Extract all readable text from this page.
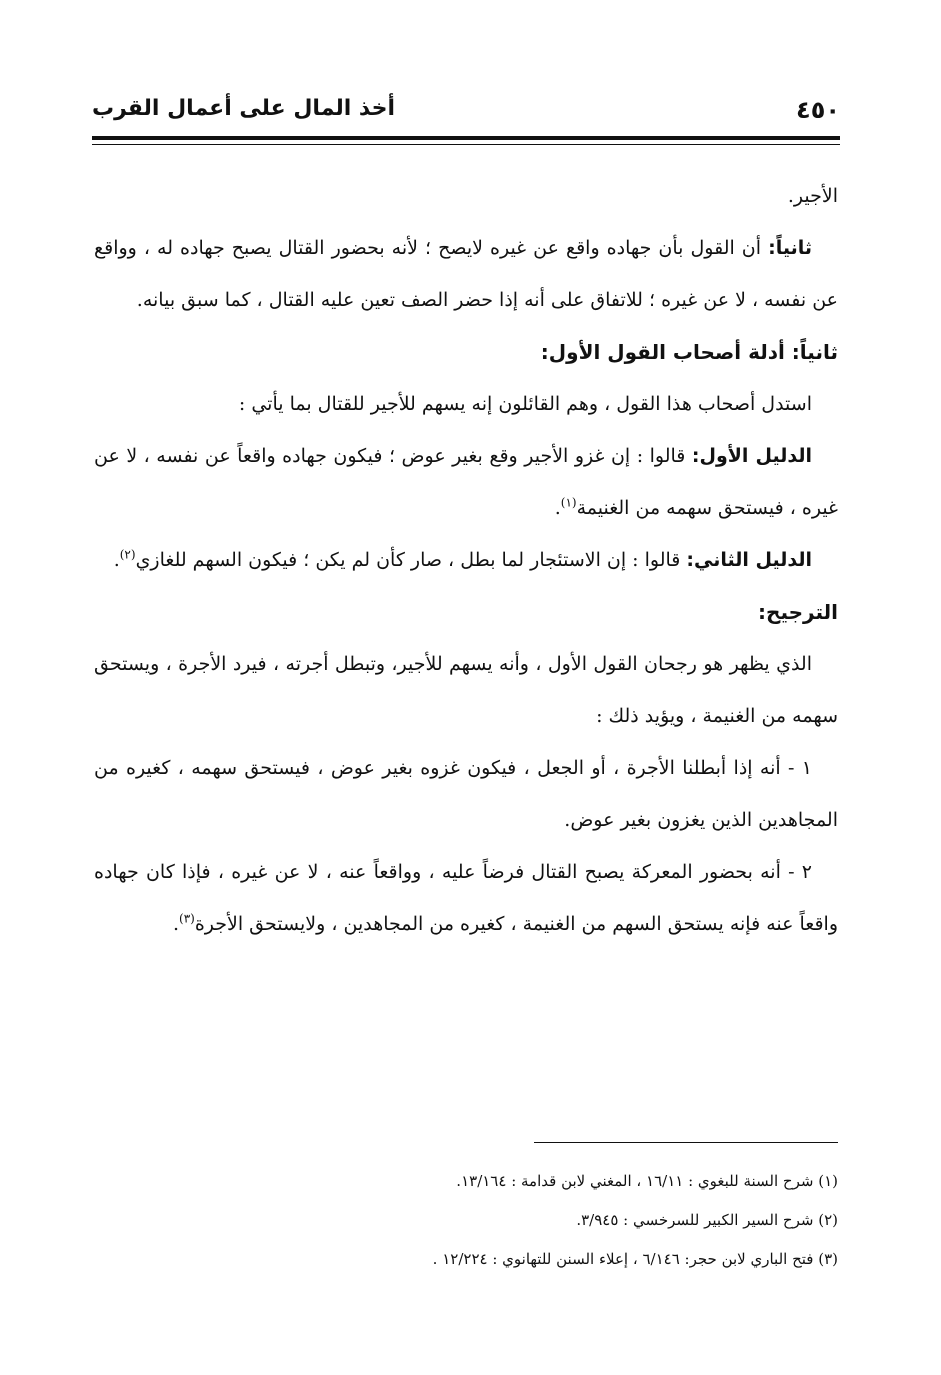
٤٥٠
أخذ المال على أعمال القرب

الأجير.

ثانياً: أن القول بأن جهاده واقع عن غيره لايصح ؛ لأنه بحضور القتال يصبح جهاده له ، وواقع عن نفسه ، لا عن غيره ؛ للاتفاق على أنه إذا حضر الصف تعين عليه القتال ، كما سبق بيانه.

ثانياً: أدلة أصحاب القول الأول:

استدل أصحاب هذا القول ، وهم القائلون إنه يسهم للأجير للقتال بما يأتي :

الدليل الأول: قالوا : إن غزو الأجير وقع بغير عوض ؛ فيكون جهاده واقعاً عن نفسه ، لا عن غيره ، فيستحق سهمه من الغنيمة$^{(١)}$.

الدليل الثاني: قالوا : إن الاستئجار لما بطل ، صار كأن لم يكن ؛ فيكون السهم للغازي$^{(٢)}$.

الترجيح:

الذي يظهر هو رجحان القول الأول ، وأنه يسهم للأجير، وتبطل أجرته ، فيرد الأجرة ، ويستحق سهمه من الغنيمة ، ويؤيد ذلك :

١ - أنه إذا أبطلنا الأجرة ، أو الجعل ، فيكون غزوه بغير عوض ، فيستحق سهمه ، كغيره من المجاهدين الذين يغزون بغير عوض.

٢ - أنه بحضور المعركة يصبح القتال فرضاً عليه ، وواقعاً عنه ، لا عن غيره ، فإذا كان جهاده واقعاً عنه فإنه يستحق السهم من الغنيمة ، كغيره من المجاهدين ، ولايستحق الأجرة$^{(٣)}$.

(١) شرح السنة للبغوي : ١٦/١١ ، المغني لابن قدامة : ١٣/١٦٤.

(٢) شرح السير الكبير للسرخسي : ٣/٩٤٥.

(٣) فتح الباري لابن حجر: ٦/١٤٦ ، إعلاء السنن للتهانوي : ١٢/٢٢٤ .
